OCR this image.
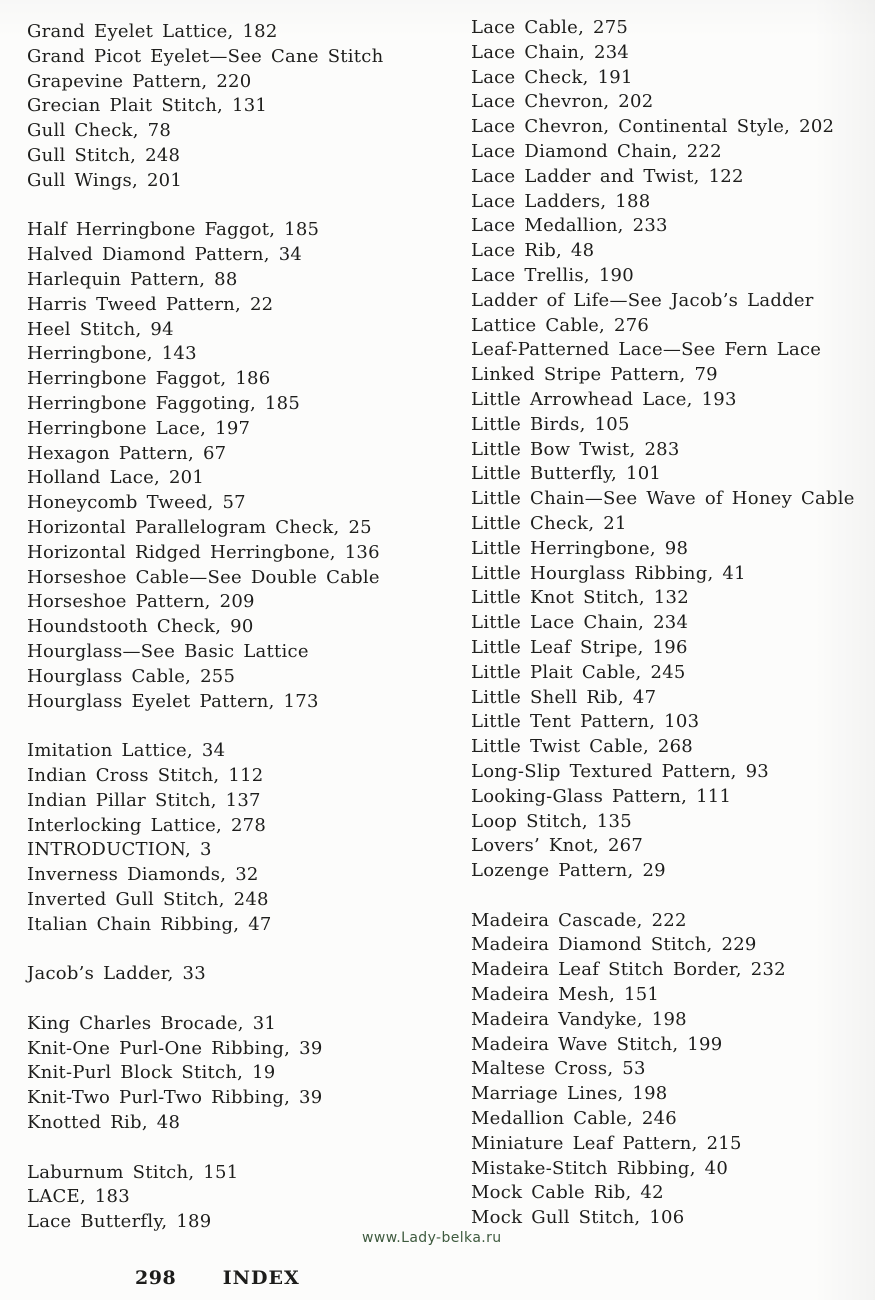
Grand Eyelet Lattice, 182
Grand Picot Eyelet—See Cane Stitch
Grapevine Pattern, 220
Grecian Plait Stitch, 131
Gull Check, 78
Gull Stitch, 248
Gull Wings, 201
Half Herringbone Faggot, 185
Halved Diamond Pattern, 34
Harlequin Pattern, 88
Harris Tweed Pattern, 22
Heel Stitch, 94
Herringbone, 143
Herringbone Faggot, 186
Herringbone Faggoting, 185
Herringbone Lace, 197
Hexagon Pattern, 67
Holland Lace, 201
Honeycomb Tweed, 57
Horizontal Parallelogram Check, 25
Horizontal Ridged Herringbone, 136
Horseshoe Cable—See Double Cable
Horseshoe Pattern, 209
Houndstooth Check, 90
Hourglass—See Basic Lattice
Hourglass Cable, 255
Hourglass Eyelet Pattern, 173
Imitation Lattice, 34
Indian Cross Stitch, 112
Indian Pillar Stitch, 137
Interlocking Lattice, 278
INTRODUCTION, 3
Inverness Diamonds, 32
Inverted Gull Stitch, 248
Italian Chain Ribbing, 47
Jacob’s Ladder, 33
King Charles Brocade, 31
Knit-One Purl-One Ribbing, 39
Knit-Purl Block Stitch, 19
Knit-Two Purl-Two Ribbing, 39
Knotted Rib, 48
Laburnum Stitch, 151
LACE, 183
Lace Butterfly, 189
Lace Cable, 275
Lace Chain, 234
Lace Check, 191
Lace Chevron, 202
Lace Chevron, Continental Style, 202
Lace Diamond Chain, 222
Lace Ladder and Twist, 122
Lace Ladders, 188
Lace Medallion, 233
Lace Rib, 48
Lace Trellis, 190
Ladder of Life—See Jacob’s Ladder
Lattice Cable, 276
Leaf-Patterned Lace—See Fern Lace
Linked Stripe Pattern, 79
Little Arrowhead Lace, 193
Little Birds, 105
Little Bow Twist, 283
Little Butterfly, 101
Little Chain—See Wave of Honey Cable
Little Check, 21
Little Herringbone, 98
Little Hourglass Ribbing, 41
Little Knot Stitch, 132
Little Lace Chain, 234
Little Leaf Stripe, 196
Little Plait Cable, 245
Little Shell Rib, 47
Little Tent Pattern, 103
Little Twist Cable, 268
Long-Slip Textured Pattern, 93
Looking-Glass Pattern, 111
Loop Stitch, 135
Lovers’ Knot, 267
Lozenge Pattern, 29
Madeira Cascade, 222
Madeira Diamond Stitch, 229
Madeira Leaf Stitch Border, 232
Madeira Mesh, 151
Madeira Vandyke, 198
Madeira Wave Stitch, 199
Maltese Cross, 53
Marriage Lines, 198
Medallion Cable, 246
Miniature Leaf Pattern, 215
Mistake-Stitch Ribbing, 40
Mock Cable Rib, 42
Mock Gull Stitch, 106
www.Lady-belka.ru
298 INDEX
